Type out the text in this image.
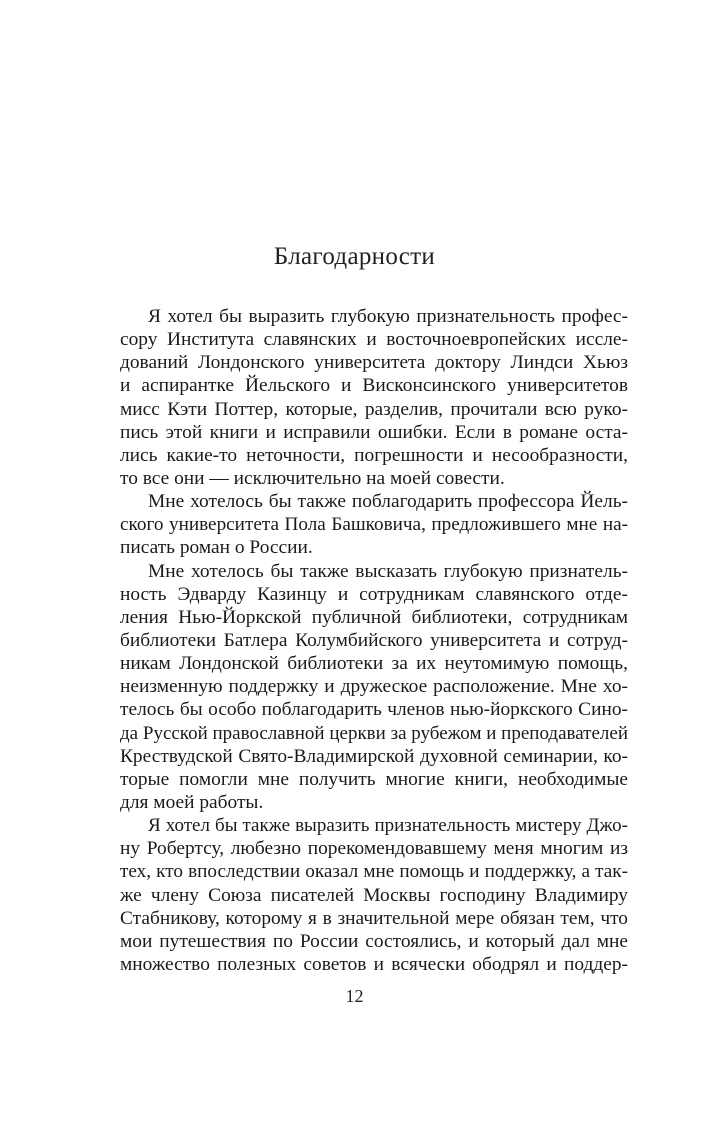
Благодарности
Я хотел бы выразить глубокую признательность профес-
сору Института славянских и восточноевропейских иссле-
дований Лондонского университета доктору Линдси Хьюз
и аспирантке Йельского и Висконсинского университетов
мисс Кэти Поттер, которые, разделив, прочитали всю руко-
пись этой книги и исправили ошибки. Если в романе оста-
лись какие-то неточности, погрешности и несообразности,
то все они — исключительно на моей совести.
Мне хотелось бы также поблагодарить профессора Йель-
ского университета Пола Башковича, предложившего мне на-
писать роман о России.
Мне хотелось бы также высказать глубокую признатель-
ность Эдварду Казинцу и сотрудникам славянского отде-
ления Нью-Йоркской публичной библиотеки, сотрудникам
библиотеки Батлера Колумбийского университета и сотруд-
никам Лондонской библиотеки за их неутомимую помощь,
неизменную поддержку и дружеское расположение. Мне хо-
телось бы особо поблагодарить членов нью-йоркского Сино-
да Русской православной церкви за рубежом и преподавателей
Крествудской Свято-Владимирской духовной семинарии, ко-
торые помогли мне получить многие книги, необходимые
для моей работы.
Я хотел бы также выразить признательность мистеру Джо-
ну Робертсу, любезно порекомендовавшему меня многим из
тех, кто впоследствии оказал мне помощь и поддержку, а так-
же члену Союза писателей Москвы господину Владимиру
Стабникову, которому я в значительной мере обязан тем, что
мои путешествия по России состоялись, и который дал мне
множество полезных советов и всячески ободрял и поддер-
12
